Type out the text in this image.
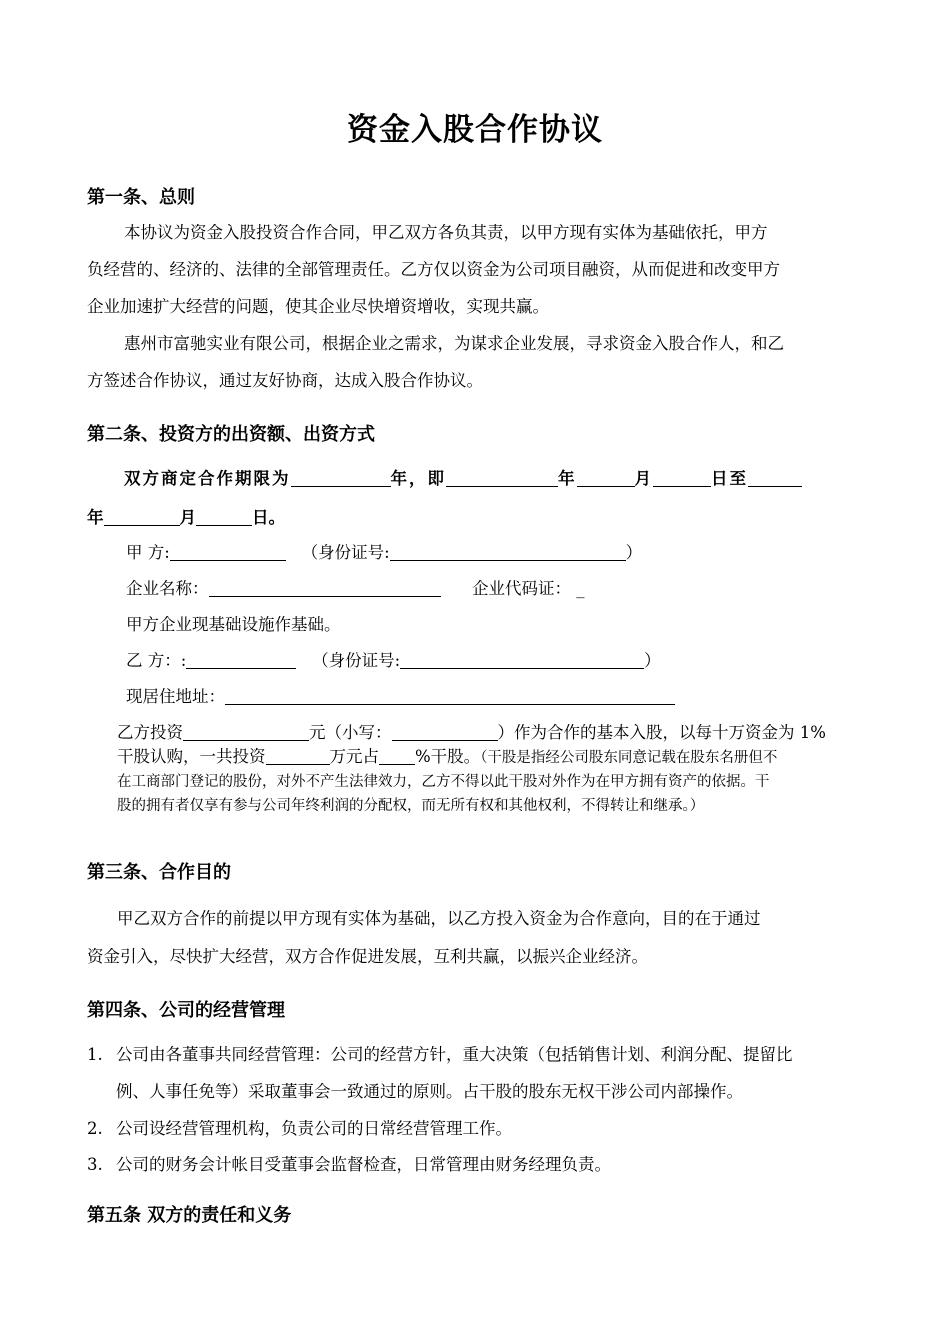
资金入股合作协议
第一条、总则
本协议为资金入股投资合作合同，甲乙双方各负其责，以甲方现有实体为基础依托，甲方
负经营的、经济的、法律的全部管理责任。乙方仅以资金为公司项目融资，从而促进和改变甲方
企业加速扩大经营的问题，使其企业尽快增资增收，实现共赢。
惠州市富驰实业有限公司，根据企业之需求，为谋求企业发展，寻求资金入股合作人，和乙
方签述合作协议，通过友好协商，达成入股合作协议。
第二条、投资方的出资额、出资方式
双方商定合作期限为	年，即	年	月	日至
年	月	日。
甲 方:	（身份证号:	）
企业名称：	企业代码证： _
甲方企业现基础设施作基础。
乙 方：:	（身份证号:	）
现居住地址：
乙方投资	元（小写：	）作为合作的基本入股，以每十万资金为 1%
干股认购，一共投资	万元占 %干股。（干股是指经公司股东同意记载在股东名册但不
在工商部门登记的股份，对外不产生法律效力，乙方不得以此干股对外作为在甲方拥有资产的依据。干
股的拥有者仅享有参与公司年终利润的分配权，而无所有权和其他权利，不得转让和继承。）
第三条、合作目的
甲乙双方合作的前提以甲方现有实体为基础，以乙方投入资金为合作意向，目的在于通过
资金引入，尽快扩大经营，双方合作促进发展，互利共赢，以振兴企业经济。
第四条、公司的经营管理
1. 公司由各董事共同经营管理：公司的经营方针，重大决策（包括销售计划、利润分配、提留比
例、人事任免等）采取董事会一致通过的原则。占干股的股东无权干涉公司内部操作。
2. 公司设经营管理机构，负责公司的日常经营管理工作。
3. 公司的财务会计帐目受董事会监督检查，日常管理由财务经理负责。
第五条 双方的责任和义务
